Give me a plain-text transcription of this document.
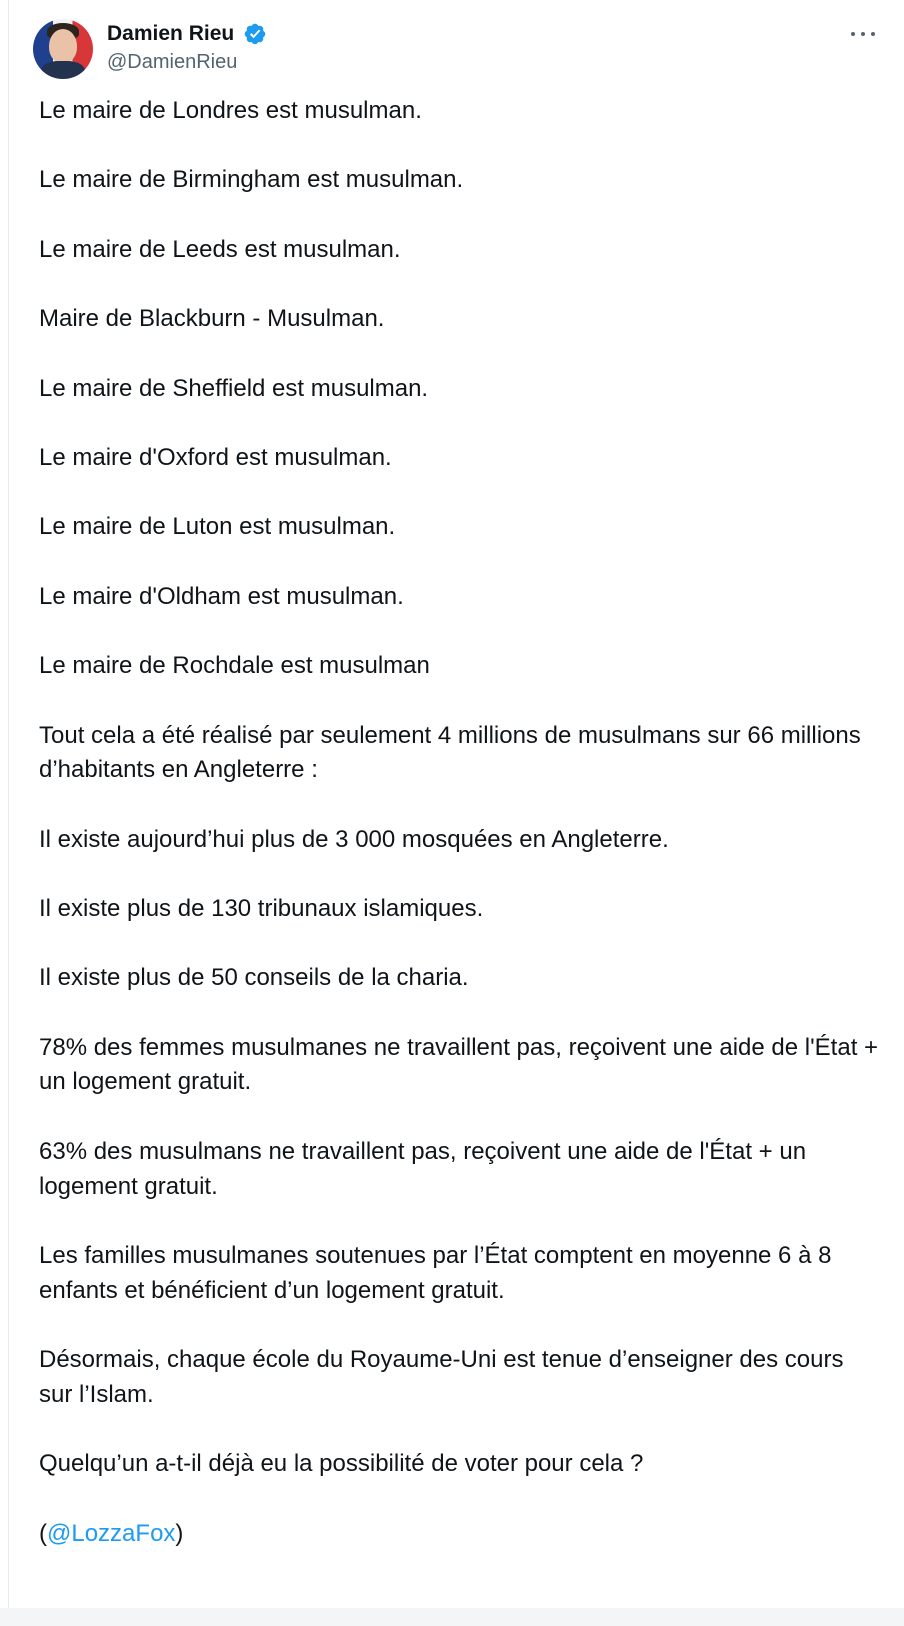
Damien Rieu
@DamienRieu

Le maire de Londres est musulman.

Le maire de Birmingham est musulman.

Le maire de Leeds est musulman.

Maire de Blackburn - Musulman.

Le maire de Sheffield est musulman.

Le maire d'Oxford est musulman.

Le maire de Luton est musulman.

Le maire d'Oldham est musulman.

Le maire de Rochdale est musulman

Tout cela a été réalisé par seulement 4 millions de musulmans sur 66 millions d’habitants en Angleterre :

Il existe aujourd’hui plus de 3 000 mosquées en Angleterre.

Il existe plus de 130 tribunaux islamiques.

Il existe plus de 50 conseils de la charia.

78% des femmes musulmanes ne travaillent pas, reçoivent une aide de l'État + un logement gratuit.

63% des musulmans ne travaillent pas, reçoivent une aide de l'État + un logement gratuit.

Les familles musulmanes soutenues par l’État comptent en moyenne 6 à 8 enfants et bénéficient d’un logement gratuit.

Désormais, chaque école du Royaume-Uni est tenue d’enseigner des cours sur l’Islam.

Quelqu’un a-t-il déjà eu la possibilité de voter pour cela ?

(@LozzaFox)
